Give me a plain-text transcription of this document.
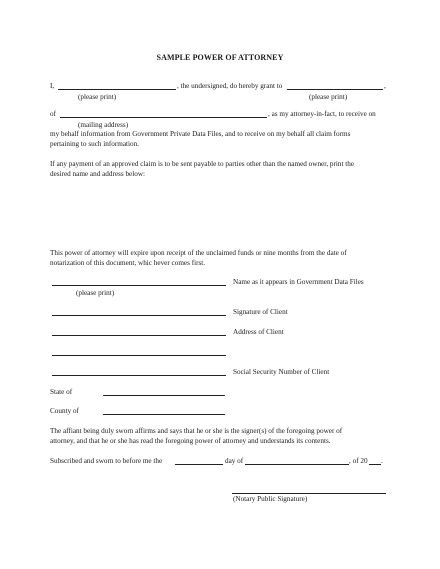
SAMPLE POWER OF ATTORNEY
I,	, the undersigned, do hereby grant to	,
(please print)	(please print)
of	, as my attorney-in-fact, to receive on
(mailing address)
my behalf information from Government Private Data Files, and to receive on my behalf all claim forms
pertaining to such information.
If any payment of an approved claim is to be sent payable to parties other than the named owner, print the
desired name and address below:
This power of attorney will expire upon receipt of the unclaimed funds or nine months from the date of
notarization of this document, whic hever comes first.
Name as it appears in Government Data Files
(please print)
Signature of Client
Address of Client
Social Security Number of Client
State of
County of
The affiant being duly sworn affirms and says that he or she is the signer(s) of the foregoing power of
attorney, and that he or she has read the foregoing power of attorney and understands its contents.
Subscribed and sworn to before me the	day of	, of 20 .
(Notary Public Signature)
